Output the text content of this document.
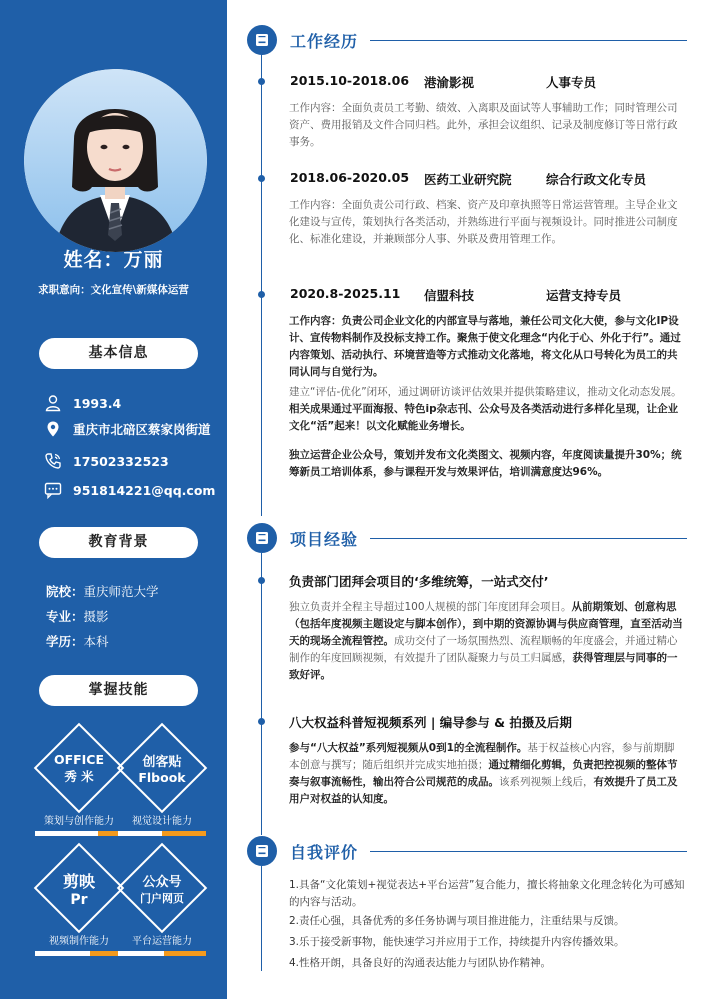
姓名：万丽
求职意向：文化宣传\新媒体运营
基本信息
1993.4
重庆市北碚区蔡家岗街道
17502332523
951814221@qq.com
教育背景
院校：重庆师范大学
专业：摄影
学历：本科
掌握技能
OFFICE
秀 米
策划与创作能力
创客贴
Flbook
视觉设计能力
剪映
Pr
视频制作能力
公众号
门户网页
平台运营能力
工作经历
2015.10-2018.06 港渝影视	人事专员
工作内容：全面负责员工考勤、绩效、入离职及面试等人事辅助工作；同时管理公司资产、费用报销及文件合同归档。此外，承担会议组织、记录及制度修订等日常行政事务。
2018.06-2020.05 医药工业研究院	综合行政文化专员
工作内容：全面负责公司行政、档案、资产及印章执照等日常运营管理。主导企业文化建设与宣传，策划执行各类活动，并熟练进行平面与视频设计。同时推进公司制度化、标准化建设，并兼顾部分人事、外联及费用管理工作。
2020.8-2025.11 信盟科技	运营支持专员
工作内容：负责公司企业文化的内部宣导与落地，兼任公司文化大使，参与文化IP设计、宣传物料制作及投标支持工作。聚焦于使文化理念“内化于心、外化于行”。通过内容策划、活动执行、环境营造等方式推动文化落地，将文化从口号转化为员工的共同认同与自觉行为。
建立“评估-优化”闭环，通过调研访谈评估效果并提供策略建议，推动文化动态发展。相关成果通过平面海报、特色ip杂志刊、公众号及各类活动进行多样化呈现，让企业文化“活”起来！以文化赋能业务增长。
独立运营企业公众号，策划并发布文化类图文、视频内容，年度阅读量提升30%；统筹新员工培训体系，参与课程开发与效果评估，培训满意度达96%。
项目经验
负责部门团拜会项目的‘多维统筹，一站式交付’
独立负责并全程主导超过100人规模的部门年度团拜会项目。从前期策划、创意构思（包括年度视频主题设定与脚本创作），到中期的资源协调与供应商管理，直至活动当天的现场全流程管控。成功交付了一场氛围热烈、流程顺畅的年度盛会，并通过精心制作的年度回顾视频，有效提升了团队凝聚力与员工归属感，获得管理层与同事的一致好评。
八大权益科普短视频系列 | 编导参与 & 拍摄及后期
参与“八大权益”系列短视频从0到1的全流程制作。基于权益核心内容，参与前期脚本创意与撰写；随后组织并完成实地拍摄；通过精细化剪辑，负责把控视频的整体节奏与叙事流畅性，输出符合公司规范的成品。该系列视频上线后，有效提升了员工及用户对权益的认知度。
自我评价
1.具备“文化策划+视觉表达+平台运营”复合能力，擅长将抽象文化理念转化为可感知的内容与活动。
2.责任心强，具备优秀的多任务协调与项目推进能力，注重结果与反馈。
3.乐于接受新事物，能快速学习并应用于工作，持续提升内容传播效果。
4.性格开朗，具备良好的沟通表达能力与团队协作精神。
